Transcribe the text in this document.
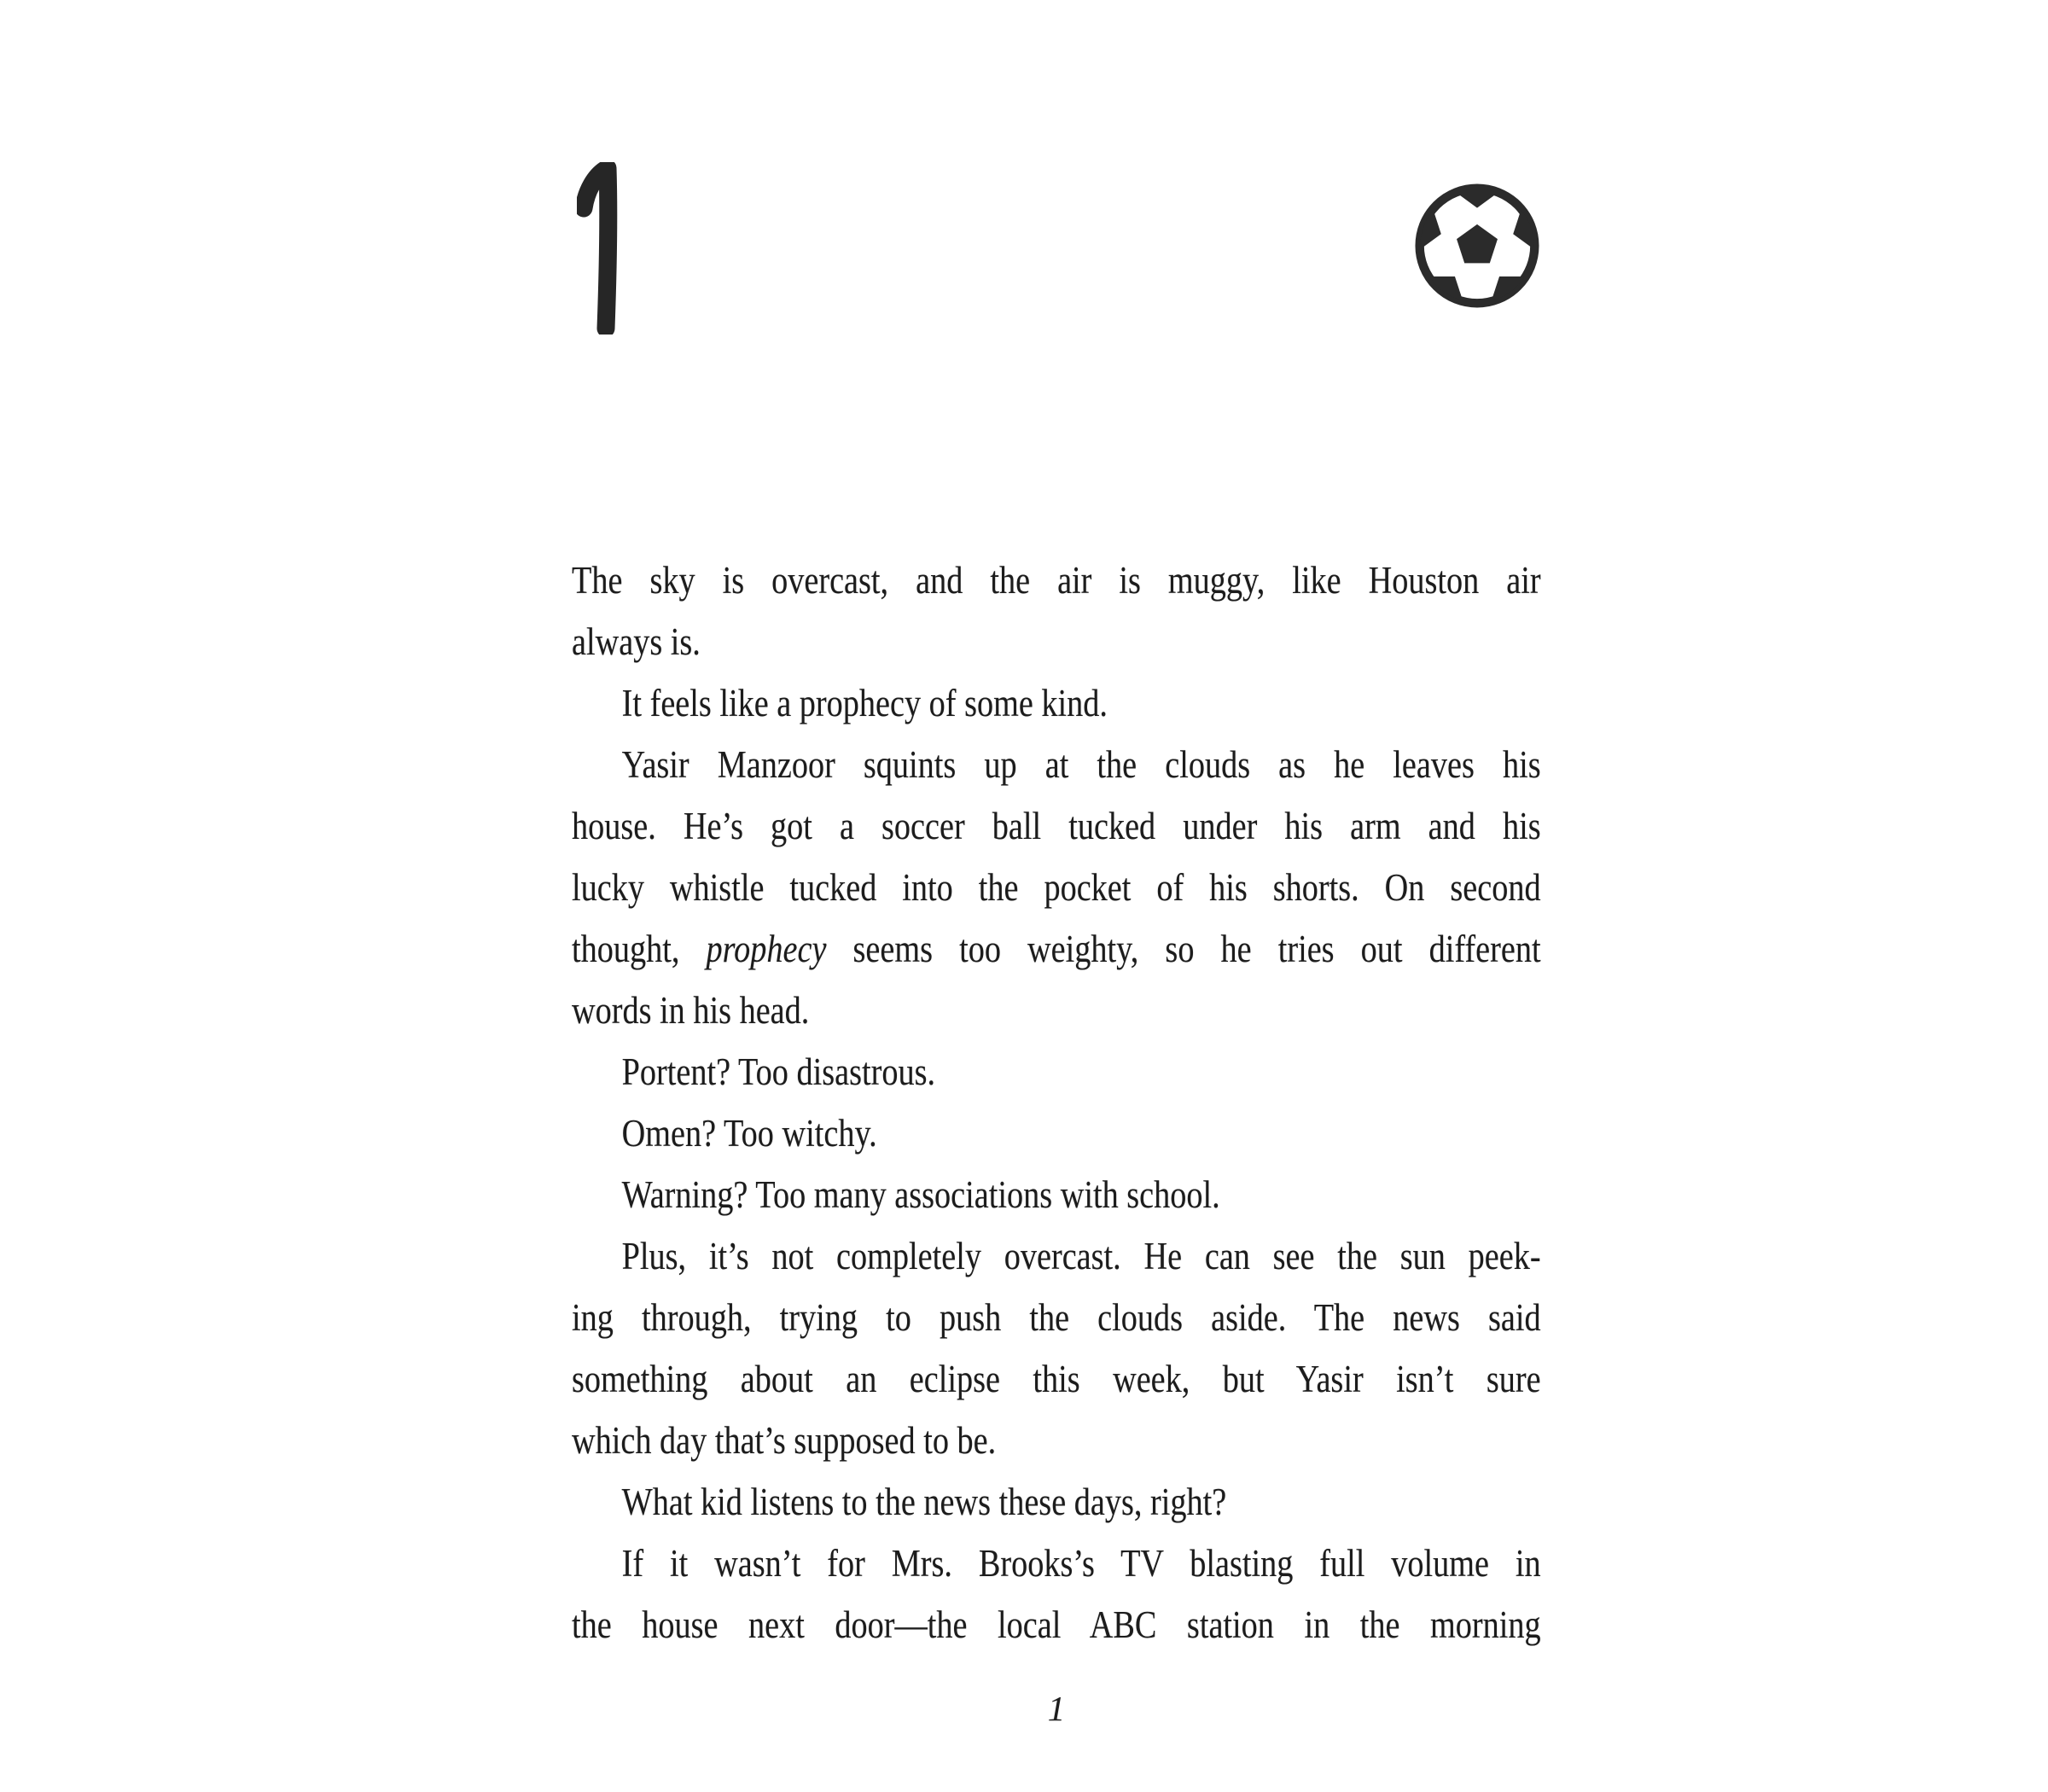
The sky is overcast, and the air is muggy, like Houston air
always is.
It feels like a prophecy of some kind.
Yasir Manzoor squints up at the clouds as he leaves his
house. He’s got a soccer ball tucked under his arm and his
lucky whistle tucked into the pocket of his shorts. On second
thought, prophecy seems too weighty, so he tries out different
words in his head.
Portent? Too disastrous.
Omen? Too witchy.
Warning? Too many associations with school.
Plus, it’s not completely overcast. He can see the sun peek-
ing through, trying to push the clouds aside. The news said
something about an eclipse this week, but Yasir isn’t sure
which day that’s supposed to be.
What kid listens to the news these days, right?
If it wasn’t for Mrs. Brooks’s TV blasting full volume in
the house next door—the local ABC station in the morning
1
